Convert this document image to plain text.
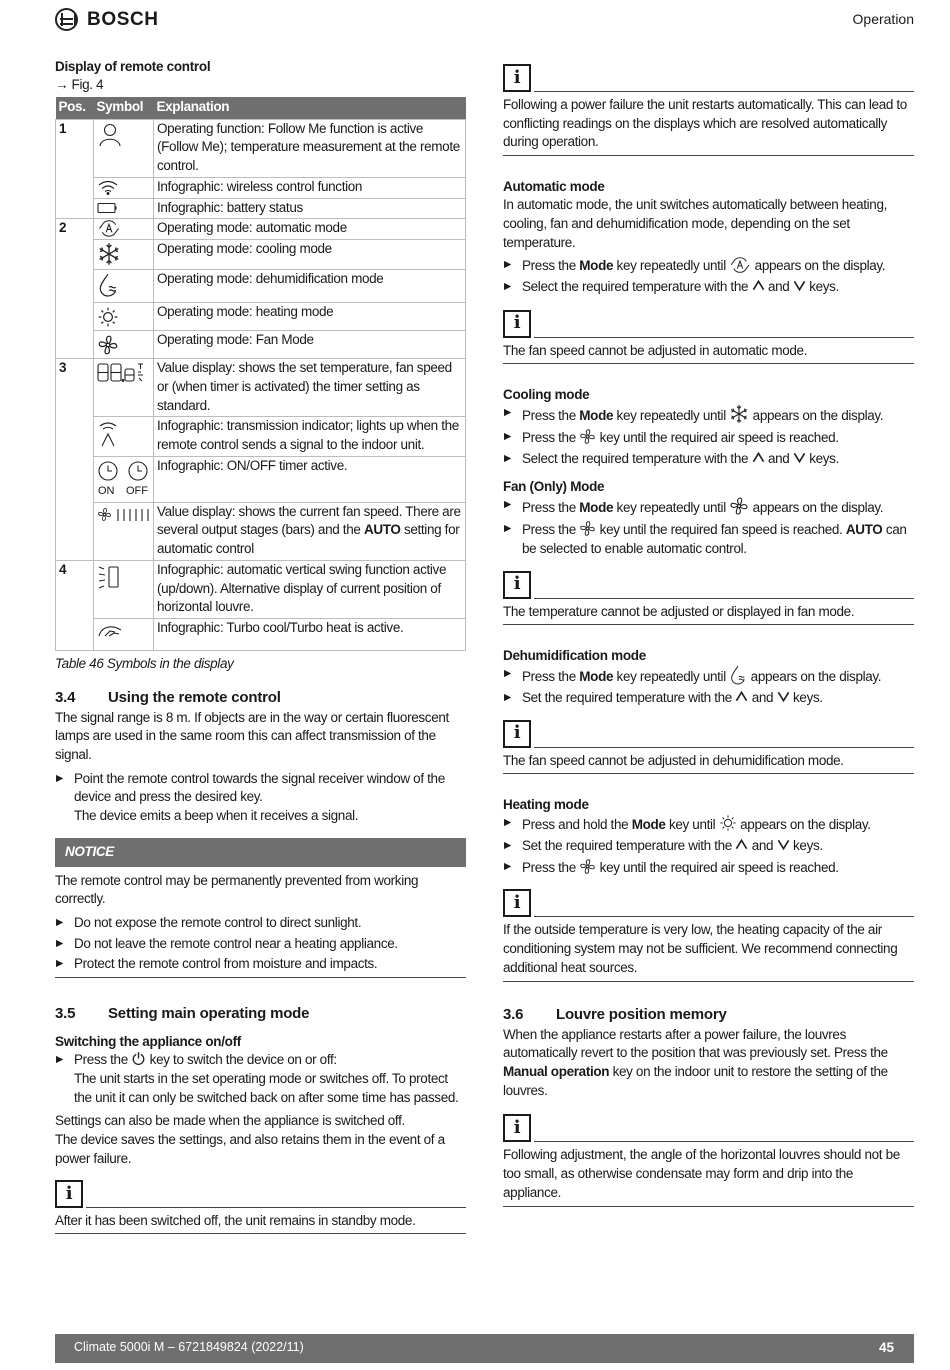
BOSCH	Operation
Display of remote control

→ Fig. 4

Pos.	Symbol	Explanation
1		Operating function: Follow Me function is active (Follow Me); temperature measurement at the remote control.
	Infographic: wireless control function
	Infographic: battery status
2		Operating mode: automatic mode
	Operating mode: cooling mode
	Operating mode: dehumidification mode
	Operating mode: heating mode
	Operating mode: Fan Mode
3		Value display: shows the set temperature, fan speed or (when timer is activated) the timer setting as standard.
	Infographic: transmission indicator; lights up when the remote control sends a signal to the indoor unit.

	ON OFF	Infographic: ON/OFF timer active.
	Value display: shows the current fan speed. There are several output stages (bars) and the AUTO setting for automatic control
4		Infographic: automatic vertical swing function active (up/down). Alternative display of current position of horizontal louvre.
	Infographic: Turbo cool/Turbo heat is active.
Table 46 Symbols in the display
3.4	Using the remote control

The signal range is 8 m. If objects are in the way or certain fluorescent lamps are used in the same room this can affect transmission of the signal.

▶ Point the remote control towards the signal receiver window of the device and press the desired key.
The device emits a beep when it receives a signal.
NOTICE

The remote control may be permanently prevented from working correctly.

▶ Do not expose the remote control to direct sunlight.
▶ Do not leave the remote control near a heating appliance.
▶ Protect the remote control from moisture and impacts.
3.5	Setting main operating mode
Switching the appliance on/off
▶ Press the  key to switch the device on or off:
The unit starts in the set operating mode or switches off. To protect the unit it can only be switched back on after some time has passed.

Settings can also be made when the appliance is switched off.

The device saves the settings, and also retains them in the event of a power failure.

i

After it has been switched off, the unit remains in standby mode.

i

Following a power failure the unit restarts automatically. This can lead to conflicting readings on the displays which are resolved automatically during operation.

Automatic mode

In automatic mode, the unit switches automatically between heating, cooling, fan and dehumidification mode, depending on the set temperature.

▶ Press the Mode key repeatedly until  appears on the display.
▶ Select the required temperature with the  and  keys.
i

The fan speed cannot be adjusted in automatic mode.

Cooling mode
▶ Press the Mode key repeatedly until  appears on the display.
▶ Press the  key until the required air speed is reached.
▶ Select the required temperature with the  and  keys.
Fan (Only) Mode
▶ Press the Mode key repeatedly until  appears on the display.
▶ Press the  key until the required fan speed is reached. AUTO can be selected to enable automatic control.
i

The temperature cannot be adjusted or displayed in fan mode.

Dehumidification mode
▶ Press the Mode key repeatedly until  appears on the display.
▶ Set the required temperature with the  and  keys.
i

The fan speed cannot be adjusted in dehumidification mode.

Heating mode
▶ Press and hold the Mode key until  appears on the display.
▶ Set the required temperature with the  and  keys.
▶ Press the  key until the required air speed is reached.
i

If the outside temperature is very low, the heating capacity of the air conditioning system may not be sufficient. We recommend connecting additional heat sources.

3.6	Louvre position memory

When the appliance restarts after a power failure, the louvres automatically revert to the position that was previously set. Press the Manual operation key on the indoor unit to restore the setting of the louvres.

i

Following adjustment, the angle of the horizontal louvres should not be too small, as otherwise condensate may form and drip into the appliance.

Climate 5000i M – 6721849824 (2022/11)	45
